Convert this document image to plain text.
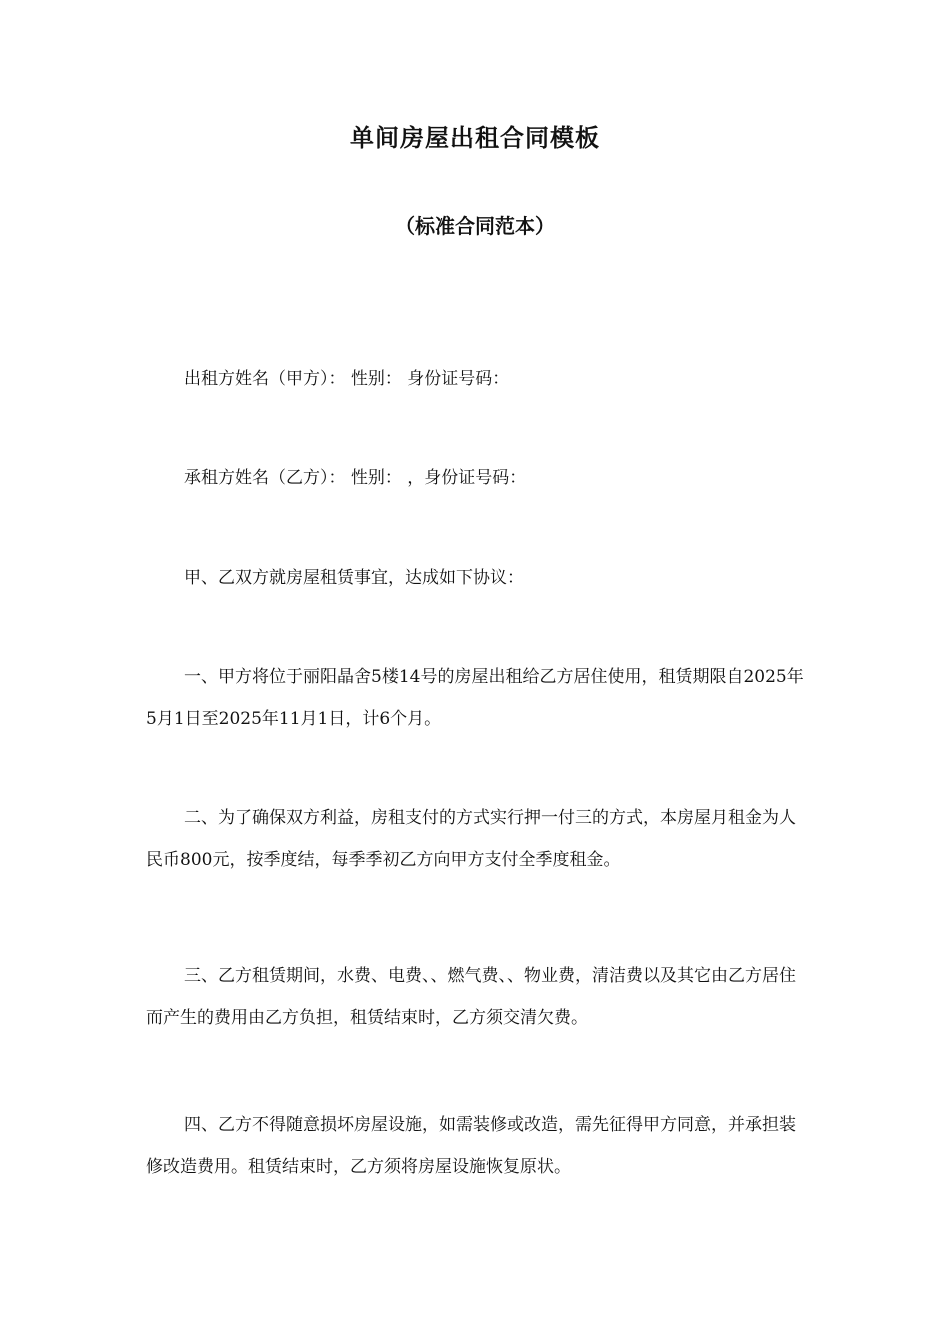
单间房屋出租合同模板
（标准合同范本）

出租方姓名（甲方）： 性别： 身份证号码：

承租方姓名（乙方）： 性别： ，身份证号码：

甲、乙双方就房屋租赁事宜，达成如下协议：

一、甲方将位于丽阳晶舍5楼14号的房屋出租给乙方居住使用，租赁期限自2025年5月1日至2025年11月1日，计6个月。

二、为了确保双方利益，房租支付的方式实行押一付三的方式，本房屋月租金为人民币800元，按季度结，每季季初乙方向甲方支付全季度租金。

三、乙方租赁期间，水费、电费、、燃气费、、物业费，清洁费以及其它由乙方居住而产生的费用由乙方负担，租赁结束时，乙方须交清欠费。

四、乙方不得随意损坏房屋设施，如需装修或改造，需先征得甲方同意，并承担装修改造费用。租赁结束时，乙方须将房屋设施恢复原状。
